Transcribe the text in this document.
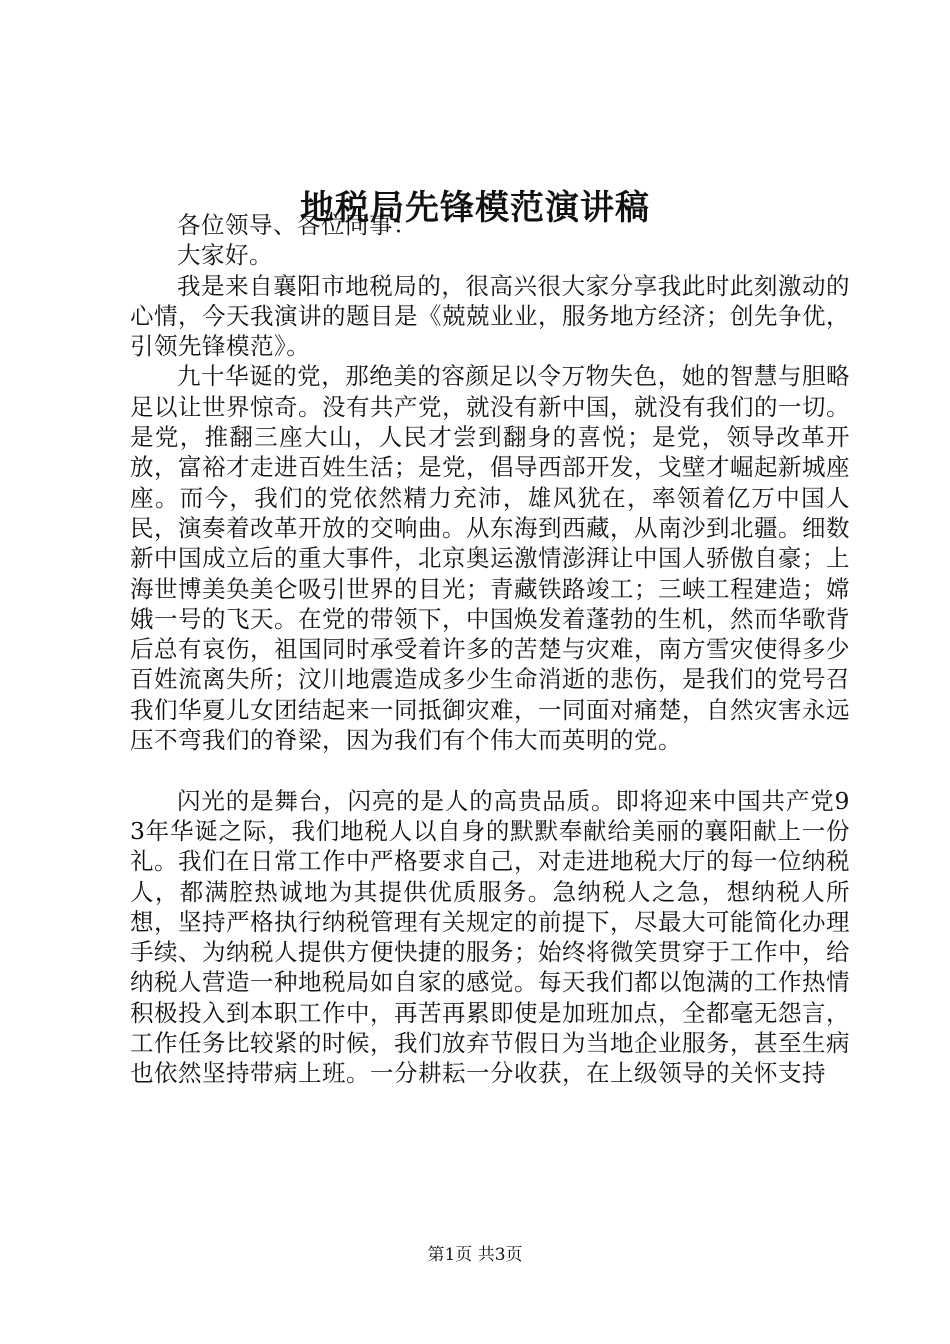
地税局先锋模范演讲稿

各位领导、各位同事：

大家好。

我是来自襄阳市地税局的，很高兴很大家分享我此时此刻激动的心情，今天我演讲的题目是《兢兢业业，服务地方经济；创先争优，引领先锋模范》。

九十华诞的党，那绝美的容颜足以令万物失色，她的智慧与胆略足以让世界惊奇。没有共产党，就没有新中国，就没有我们的一切。是党，推翻三座大山，人民才尝到翻身的喜悦；是党，领导改革开放，富裕才走进百姓生活；是党，倡导西部开发，戈壁才崛起新城座座。而今，我们的党依然精力充沛，雄风犹在，率领着亿万中国人民，演奏着改革开放的交响曲。从东海到西藏，从南沙到北疆。细数新中国成立后的重大事件，北京奥运激情澎湃让中国人骄傲自豪；上海世博美奂美仑吸引世界的目光；青藏铁路竣工；三峡工程建造；嫦娥一号的飞天。在党的带领下，中国焕发着蓬勃的生机，然而华歌背后总有哀伤，祖国同时承受着许多的苦楚与灾难，南方雪灾使得多少百姓流离失所；汶川地震造成多少生命消逝的悲伤，是我们的党号召我们华夏儿女团结起来一同抵御灾难，一同面对痛楚，自然灾害永远压不弯我们的脊梁，因为我们有个伟大而英明的党。

闪光的是舞台，闪亮的是人的高贵品质。即将迎来中国共产党93年华诞之际，我们地税人以自身的默默奉献给美丽的襄阳献上一份礼。我们在日常工作中严格要求自己，对走进地税大厅的每一位纳税人，都满腔热诚地为其提供优质服务。急纳税人之急，想纳税人所想，坚持严格执行纳税管理有关规定的前提下，尽最大可能简化办理手续、为纳税人提供方便快捷的服务；始终将微笑贯穿于工作中，给纳税人营造一种地税局如自家的感觉。每天我们都以饱满的工作热情积极投入到本职工作中，再苦再累即使是加班加点，全都毫无怨言，工作任务比较紧的时候，我们放弃节假日为当地企业服务，甚至生病也依然坚持带病上班。一分耕耘一分收获，在上级领导的关怀支持

第1页 共3页
